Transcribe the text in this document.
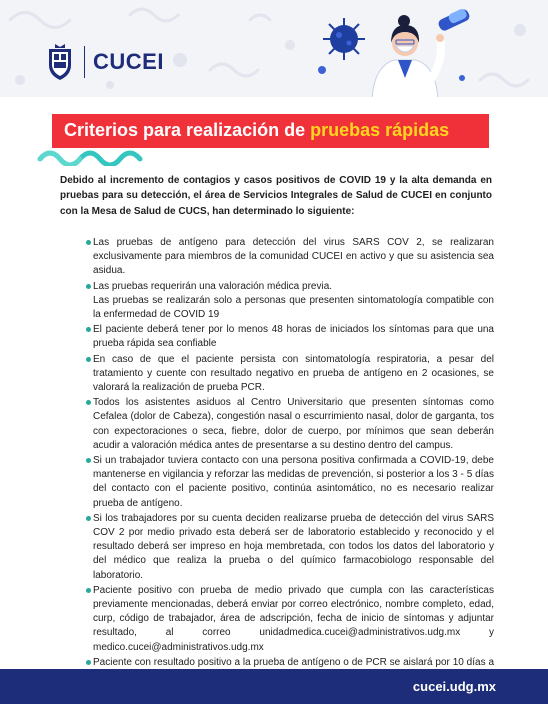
CUCEI
Criterios para realización de pruebas rápidas

Debido al incremento de contagios y casos positivos de COVID 19 y la alta demanda en pruebas para su detección, el área de Servicios Integrales de Salud de CUCEI en conjunto con la Mesa de Salud de CUCS, han determinado lo siguiente:

Las pruebas de antígeno para detección del virus SARS COV 2, se realizaran exclusivamente para miembros de la comunidad CUCEI en activo y que su asistencia sea asidua.
Las pruebas requerirán una valoración médica previa.
Las pruebas se realizarán solo a personas que presenten sintomatología compatible con la enfermedad de COVID 19
El paciente deberá tener por lo menos 48 horas de iniciados los síntomas para que una prueba rápida sea confiable
En caso de que el paciente persista con sintomatología respiratoria, a pesar del tratamiento y cuente con resultado negativo en prueba de antígeno en 2 ocasiones, se valorará la realización de prueba PCR.
Todos los asistentes asiduos al Centro Universitario que presenten síntomas como Cefalea (dolor de Cabeza), congestión nasal o escurrimiento nasal, dolor de garganta, tos con expectoraciones o seca, fiebre, dolor de cuerpo, por mínimos que sean deberán acudir a valoración médica antes de presentarse a su destino dentro del campus.
Si un trabajador tuviera contacto con una persona positiva confirmada a COVID-19, debe mantenerse en vigilancia y reforzar las medidas de prevención, si posterior a los 3 - 5 días del contacto con el paciente positivo, continúa asintomático, no es necesario realizar prueba de antígeno.
Si los trabajadores por su cuenta deciden realizarse prueba de detección del virus SARS COV 2 por medio privado esta deberá ser de laboratorio establecido y reconocido y el resultado deberá ser impreso en hoja membretada, con todos los datos del laboratorio y del médico que realiza la prueba o del químico farmacobiologo responsable del laboratorio.
Paciente positivo con prueba de medio privado que cumpla con las características previamente mencionadas, deberá enviar por correo electrónico, nombre completo, edad, curp, código de trabajador, área de adscripción, fecha de inicio de síntomas y adjuntar resultado, al correo unidadmedica.cucei@administrativos.udg.mx y medico.cucei@administrativos.udg.mx
Paciente con resultado positivo a la prueba de antígeno o de PCR se aislará por 10 días a
cucei.udg.mx
